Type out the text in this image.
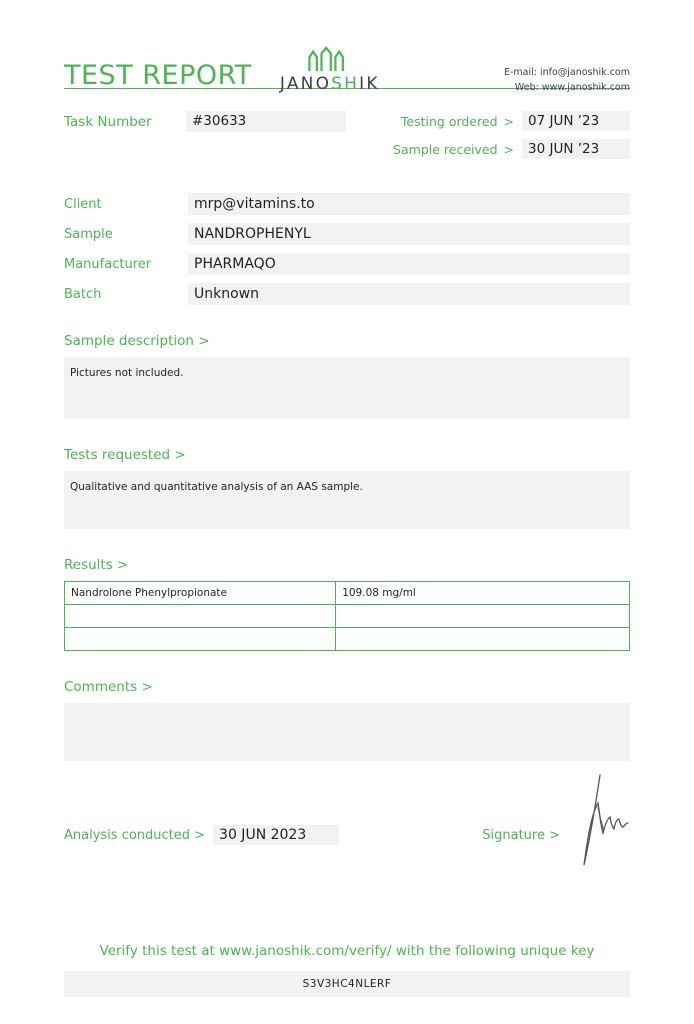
TEST REPORT JANOSHIK
E-mail: info@janoshik.com
Web: www.janoshik.com
Task Number	#30633	Testing ordered >	07 JUN ’23
Sample received >	30 JUN ’23
Client	mrp@vitamins.to
Sample	NANDROPHENYL
Manufacturer	PHARMAQO
Batch	Unknown
Sample description >
Pictures not included.
Tests requested >
Qualitative and quantitative analysis of an AAS sample.
Results >
Nandrolone Phenylpropionate	109.08 mg/ml

Comments >
Analysis conducted >	30 JUN 2023	Signature >
Verify this test at www.janoshik.com/verify/ with the following unique key
S3V3HC4NLERF
